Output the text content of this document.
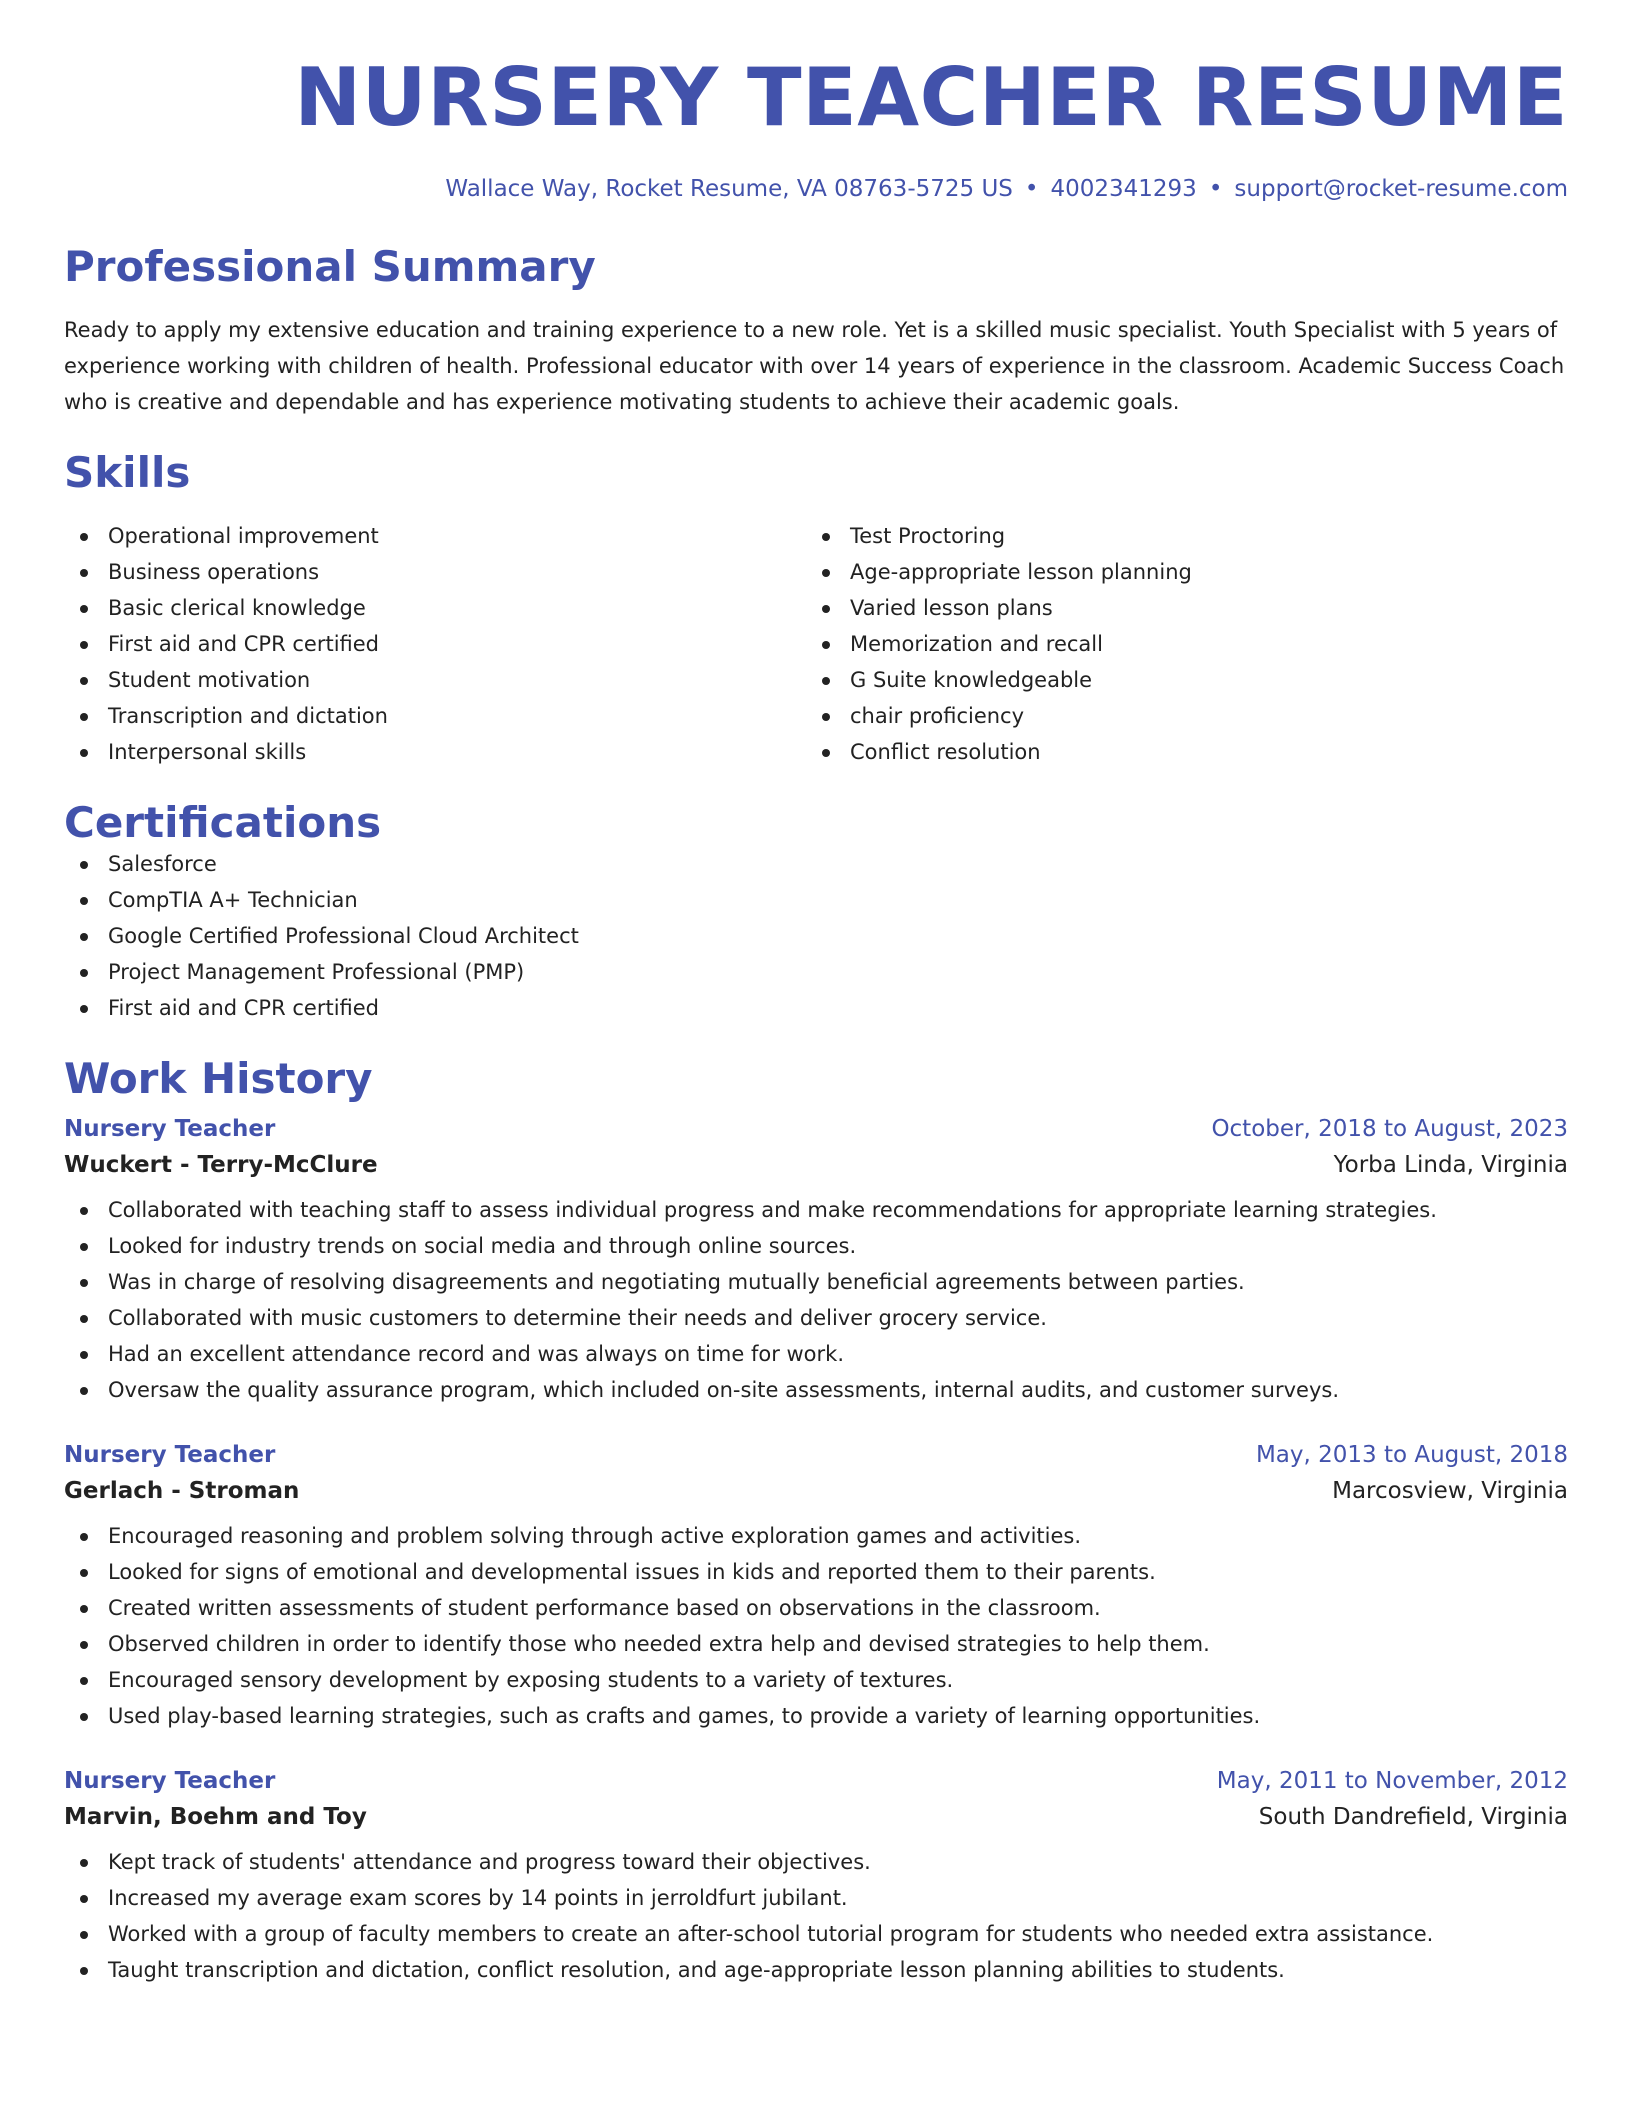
NURSERY TEACHER RESUME
Wallace Way, Rocket Resume, VA 08763-5725 US • 4002341293 • support@rocket-resume.com
Professional Summary

Ready to apply my extensive education and training experience to a new role. Yet is a skilled music specialist. Youth Specialist with 5 years of experience working with children of health. Professional educator with over 14 years of experience in the classroom. Academic Success Coach who is creative and dependable and has experience motivating students to achieve their academic goals.

Skills
Operational improvement
Business operations
Basic clerical knowledge
First aid and CPR certified
Student motivation
Transcription and dictation
Interpersonal skills
Test Proctoring
Age-appropriate lesson planning
Varied lesson plans
Memorization and recall
G Suite knowledgeable
chair proficiency
Conflict resolution
Certifications
Salesforce
CompTIA A+ Technician
Google Certified Professional Cloud Architect
Project Management Professional (PMP)
First aid and CPR certified
Work History
Nursery Teacher	October, 2018 to August, 2023
Wuckert - Terry-McClure	Yorba Linda, Virginia
Collaborated with teaching staff to assess individual progress and make recommendations for appropriate learning strategies.
Looked for industry trends on social media and through online sources.
Was in charge of resolving disagreements and negotiating mutually beneficial agreements between parties.
Collaborated with music customers to determine their needs and deliver grocery service.
Had an excellent attendance record and was always on time for work.
Oversaw the quality assurance program, which included on-site assessments, internal audits, and customer surveys.
Nursery Teacher	May, 2013 to August, 2018
Gerlach - Stroman	Marcosview, Virginia
Encouraged reasoning and problem solving through active exploration games and activities.
Looked for signs of emotional and developmental issues in kids and reported them to their parents.
Created written assessments of student performance based on observations in the classroom.
Observed children in order to identify those who needed extra help and devised strategies to help them.
Encouraged sensory development by exposing students to a variety of textures.
Used play-based learning strategies, such as crafts and games, to provide a variety of learning opportunities.
Nursery Teacher	May, 2011 to November, 2012
Marvin, Boehm and Toy	South Dandrefield, Virginia
Kept track of students' attendance and progress toward their objectives.
Increased my average exam scores by 14 points in jerroldfurt jubilant.
Worked with a group of faculty members to create an after-school tutorial program for students who needed extra assistance.
Taught transcription and dictation, conflict resolution, and age-appropriate lesson planning abilities to students.
